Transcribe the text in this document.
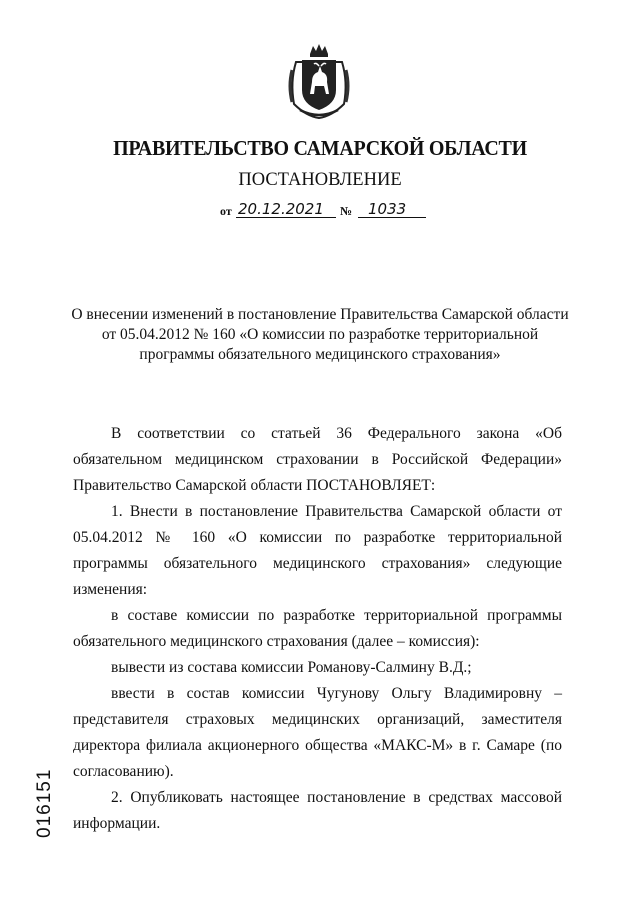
ПРАВИТЕЛЬСТВО САМАРСКОЙ ОБЛАСТИ
ПОСТАНОВЛЕНИЕ
от 20.12.2021 № 1033
О внесении изменений в постановление Правительства Самарской области
от 05.04.2012 № 160 «О комиссии по разработке территориальной
программы обязательного медицинского страхования»

В соответствии со статьей 36 Федерального закона «Об обязательном медицинском страховании в Российской Федерации» Правительство Самарской области ПОСТАНОВЛЯЕТ:

1. Внести в постановление Правительства Самарской области от 05.04.2012 № 160 «О комиссии по разработке территориальной программы обязательного медицинского страхования» следующие изменения:

в составе комиссии по разработке территориальной программы обязательного медицинского страхования (далее – комиссия):

вывести из состава комиссии Романову-Салмину В.Д.;

ввести в состав комиссии Чугунову Ольгу Владимировну – представителя страховых медицинских организаций, заместителя директора филиала акционерного общества «МАКС-М» в г. Самаре (по согласованию).

2. Опубликовать настоящее постановление в средствах массовой информации.

016151
